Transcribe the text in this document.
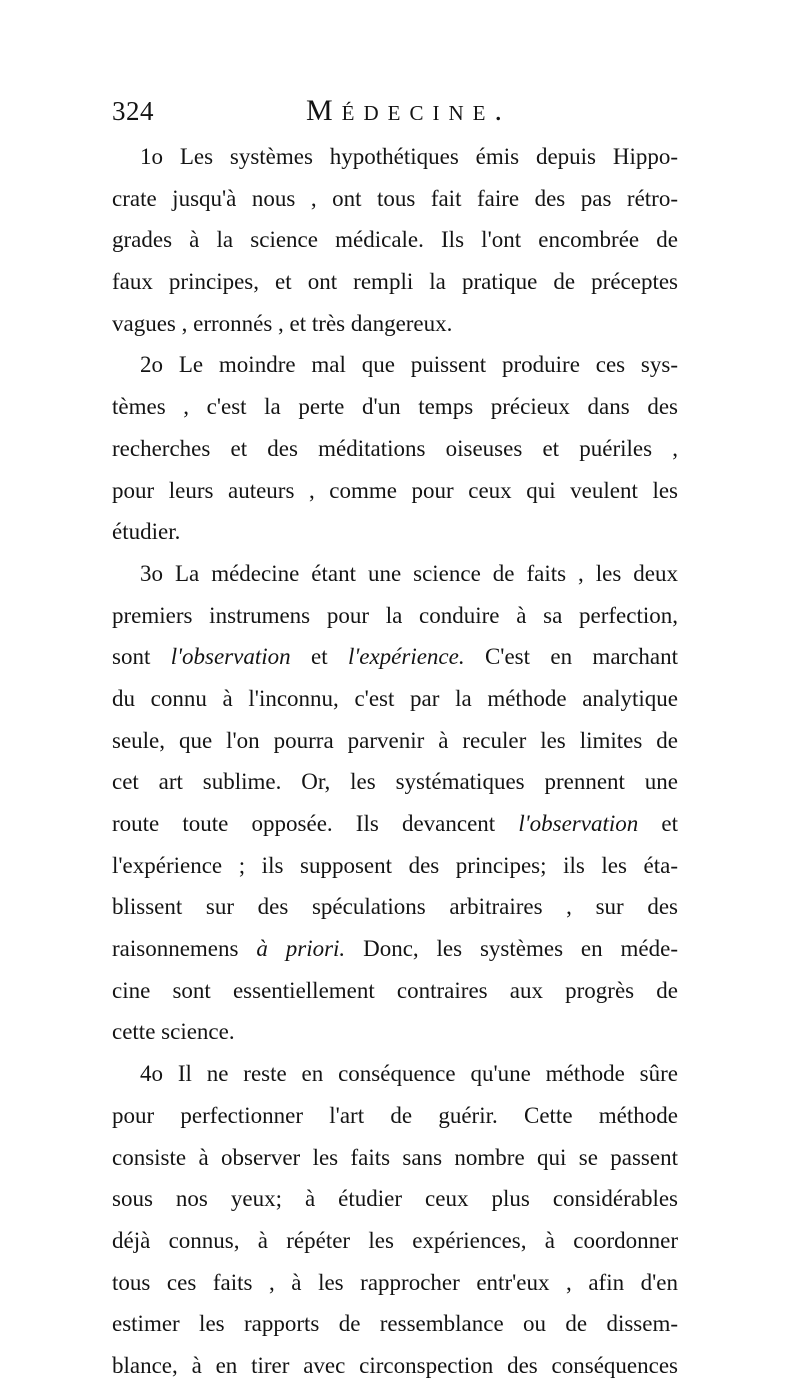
324	Médecine.
1o Les systèmes hypothétiques émis depuis Hippo-
crate jusqu'à nous , ont tous fait faire des pas rétro-
grades à la science médicale. Ils l'ont encombrée de
faux principes, et ont rempli la pratique de préceptes
vagues , erronnés , et très dangereux.
2o Le moindre mal que puissent produire ces sys-
tèmes , c'est la perte d'un temps précieux dans des
recherches et des méditations oiseuses et puériles ,
pour leurs auteurs , comme pour ceux qui veulent les
étudier.
3o La médecine étant une science de faits , les deux
premiers instrumens pour la conduire à sa perfection,
sont l'observation et l'expérience. C'est en marchant
du connu à l'inconnu, c'est par la méthode analytique
seule, que l'on pourra parvenir à reculer les limites de
cet art sublime. Or, les systématiques prennent une
route toute opposée. Ils devancent l'observation et
l'expérience ; ils supposent des principes; ils les éta-
blissent sur des spéculations arbitraires , sur des
raisonnemens à priori. Donc, les systèmes en méde-
cine sont essentiellement contraires aux progrès de
cette science.
4o Il ne reste en conséquence qu'une méthode sûre
pour perfectionner l'art de guérir. Cette méthode
consiste à observer les faits sans nombre qui se passent
sous nos yeux; à étudier ceux plus considérables
déjà connus, à répéter les expériences, à coordonner
tous ces faits , à les rapprocher entr'eux , afin d'en
estimer les rapports de ressemblance ou de dissem-
blance, à en tirer avec circonspection des conséquences
